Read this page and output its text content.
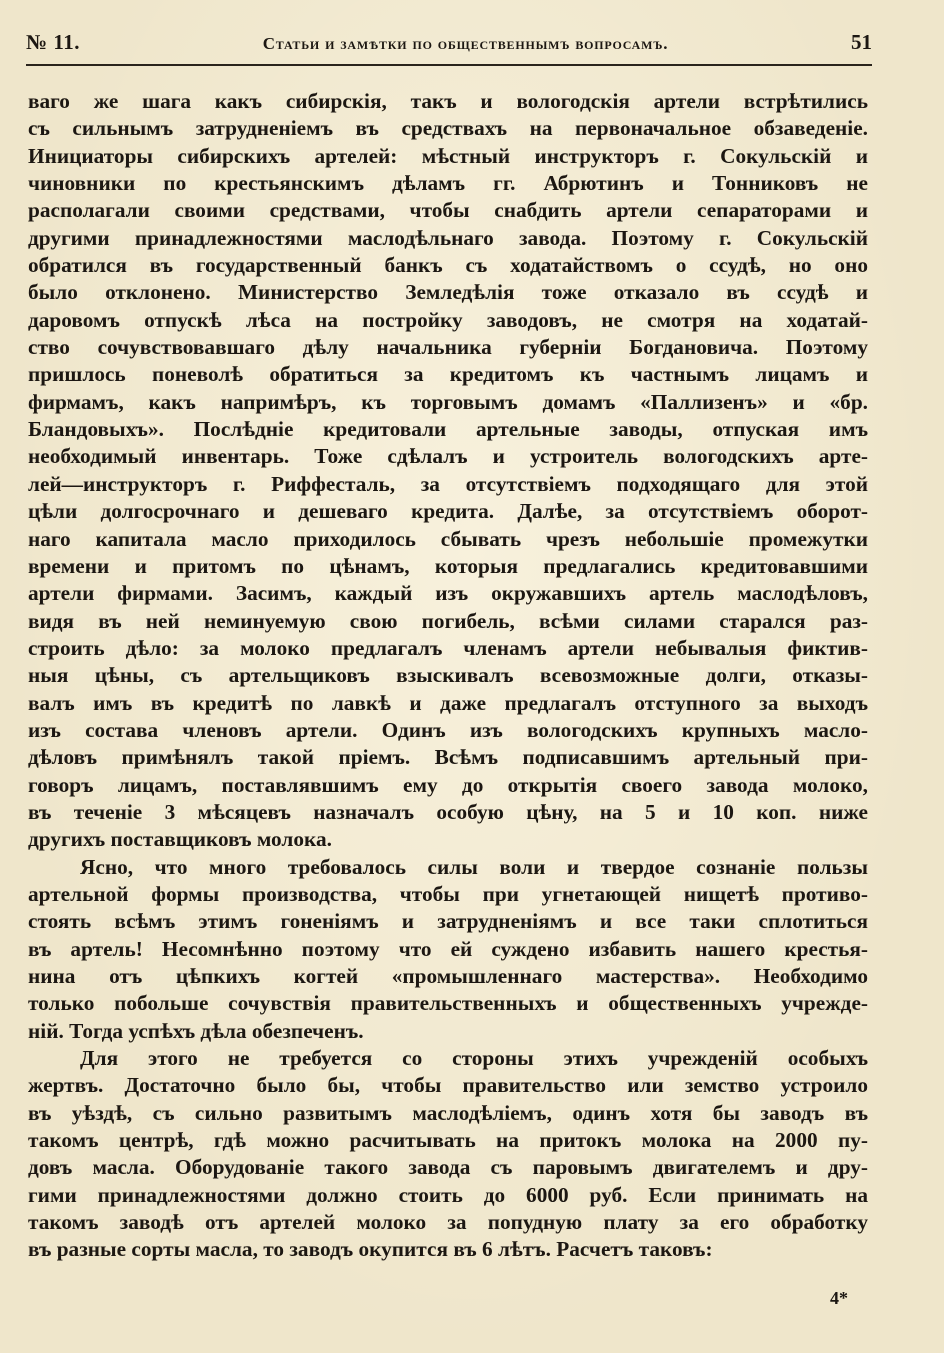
№ 11.	Статьи и замѣтки по общественнымъ вопросамъ.	51
ваго же шага какъ сибирскія, такъ и вологодскія артели встрѣтились
съ сильнымъ затрудненіемъ въ средствахъ на первоначальное обзаведеніе.
Инициаторы сибирскихъ артелей: мѣстный инструкторъ г. Сокульскій и
чиновники по крестьянскимъ дѣламъ гг. Абрютинъ и Тонниковъ не
располагали своими средствами, чтобы снабдить артели сепараторами и
другими принадлежностями маслодѣльнаго завода. Поэтому г. Сокульскій
обратился въ государственный банкъ съ ходатайствомъ о ссудѣ, но оно
было отклонено. Министерство Земледѣлія тоже отказало въ ссудѣ и
даровомъ отпускѣ лѣса на постройку заводовъ, не смотря на ходатай-
ство сочувствовавшаго дѣлу начальника губерніи Богдановича. Поэтому
пришлоcь поневолѣ обратиться за кредитомъ къ частнымъ лицамъ и
фирмамъ, какъ напримѣръ, къ торговымъ домамъ «Паллизенъ» и «бр.
Бландовыхъ». Послѣдніе кредитовали артельные заводы, отпуская имъ
необходимый инвентарь. Тоже сдѣлалъ и устроитель вологодскихъ арте-
лей—инструкторъ г. Риффесталь, за отсутствіемъ подходящаго для этой
цѣли долгосрочнаго и дешеваго кредита. Далѣе, за отсутствіемъ оборот-
наго капитала масло приходилось сбывать чрезъ небольшіе промежутки
времени и притомъ по цѣнамъ, которыя предлагались кредитовавшими
артели фирмами. Засимъ, каждый изъ окружавшихъ артель маслодѣловъ,
видя въ ней неминуемую свою погибель, всѣми силами старался раз-
строить дѣло: за молоко предлагалъ членамъ артели небывалыя фиктив-
ныя цѣны, съ артельщиковъ взыскивалъ всевозможные долги, отказы-
валъ имъ въ кредитѣ по лавкѣ и даже предлагалъ отступного за выходъ
изъ состава членовъ артели. Одинъ изъ вологодскихъ крупныхъ масло-
дѣловъ примѣнялъ такой пріемъ. Всѣмъ подписавшимъ артельный при-
говоръ лицамъ, поставлявшимъ ему до открытія своего завода молоко,
въ теченіе 3 мѣсяцевъ назначалъ особую цѣну, на 5 и 10 коп. ниже
другихъ поставщиковъ молока.
Ясно, что много требовалось силы воли и твердое сознаніе пользы
артельной формы производства, чтобы при угнетающей нищетѣ противо-
стоять всѣмъ этимъ гоненіямъ и затрудненіямъ и все таки сплотиться
въ артель! Несомнѣнно поэтому что ей суждено избавить нашего крестья-
нина отъ цѣпкихъ когтей «промышленнаго мастерства». Необходимо
только побольше сочувствія правительственныхъ и общественныхъ учрежде-
ній. Тогда успѣхъ дѣла обезпеченъ.
Для этого не требуется со стороны этихъ учрежденій особыхъ
жертвъ. Достаточно было бы, чтобы правительство или земство устроило
въ уѣздѣ, съ сильно развитымъ маслодѣліемъ, одинъ хотя бы заводъ въ
такомъ центрѣ, гдѣ можно расчитывать на притокъ молока на 2000 пу-
довъ масла. Оборудованіе такого завода съ паровымъ двигателемъ и дру-
гими принадлежностями должно стоить до 6000 руб. Если принимать на
такомъ заводѣ отъ артелей молоко за попудную плату за его обработку
въ разные сорты масла, то заводъ окупится въ 6 лѣтъ. Расчетъ таковъ:
4*
